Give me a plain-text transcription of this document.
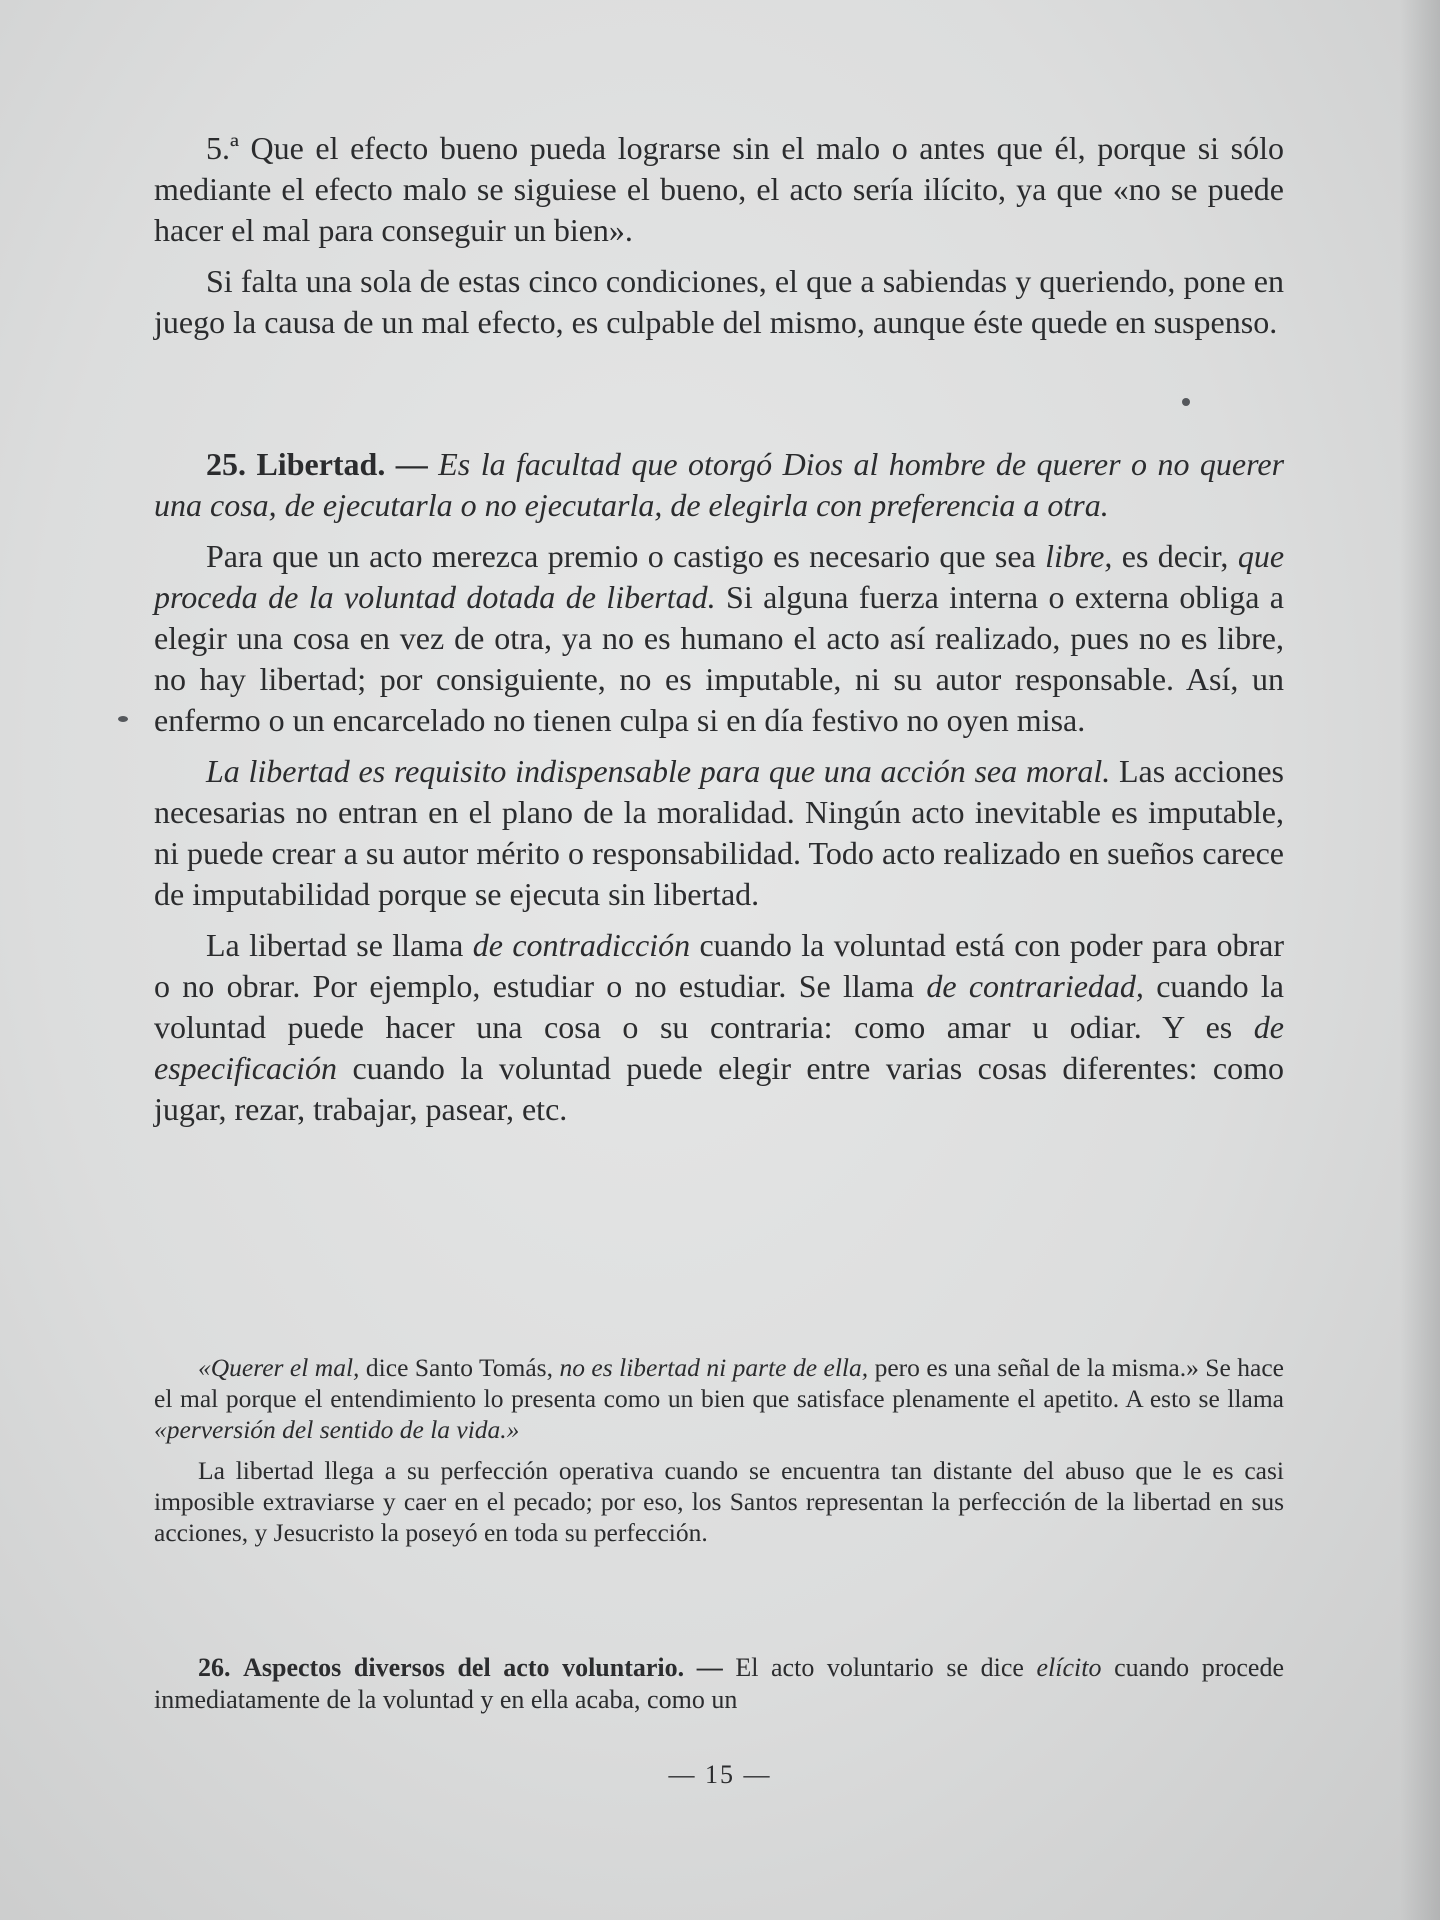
5.ª Que el efecto bueno pueda lograrse sin el malo o antes que él, porque si sólo mediante el efecto malo se siguiese el bueno, el acto sería ilícito, ya que «no se puede hacer el mal para conseguir un bien».

Si falta una sola de estas cinco condiciones, el que a sabiendas y queriendo, pone en juego la causa de un mal efecto, es culpable del mismo, aunque éste quede en suspenso.

25. Libertad. — Es la facultad que otorgó Dios al hombre de querer o no querer una cosa, de ejecutarla o no ejecutarla, de elegirla con preferencia a otra.

Para que un acto merezca premio o castigo es necesario que sea libre, es decir, que proceda de la voluntad dotada de libertad. Si alguna fuerza interna o externa obliga a elegir una cosa en vez de otra, ya no es humano el acto así realizado, pues no es libre, no hay libertad; por consiguiente, no es imputable, ni su autor responsable. Así, un enfermo o un encarcelado no tienen culpa si en día festivo no oyen misa.

La libertad es requisito indispensable para que una acción sea moral. Las acciones necesarias no entran en el plano de la moralidad. Ningún acto inevitable es imputable, ni puede crear a su autor mérito o responsabilidad. Todo acto realizado en sueños carece de imputabilidad porque se ejecuta sin libertad.

La libertad se llama de contradicción cuando la voluntad está con poder para obrar o no obrar. Por ejemplo, estudiar o no estudiar. Se llama de contrariedad, cuando la voluntad puede hacer una cosa o su contraria: como amar u odiar. Y es de especificación cuando la voluntad puede elegir entre varias cosas diferentes: como jugar, rezar, trabajar, pasear, etc.

«Querer el mal, dice Santo Tomás, no es libertad ni parte de ella, pero es una señal de la misma.» Se hace el mal porque el entendimiento lo presenta como un bien que satisface plenamente el apetito. A esto se llama «perversión del sentido de la vida.»

La libertad llega a su perfección operativa cuando se encuentra tan distante del abuso que le es casi imposible extraviarse y caer en el pecado; por eso, los Santos representan la perfección de la libertad en sus acciones, y Jesucristo la poseyó en toda su perfección.

26. Aspectos diversos del acto voluntario. — El acto voluntario se dice elícito cuando procede inmediatamente de la voluntad y en ella acaba, como un

— 15 —
